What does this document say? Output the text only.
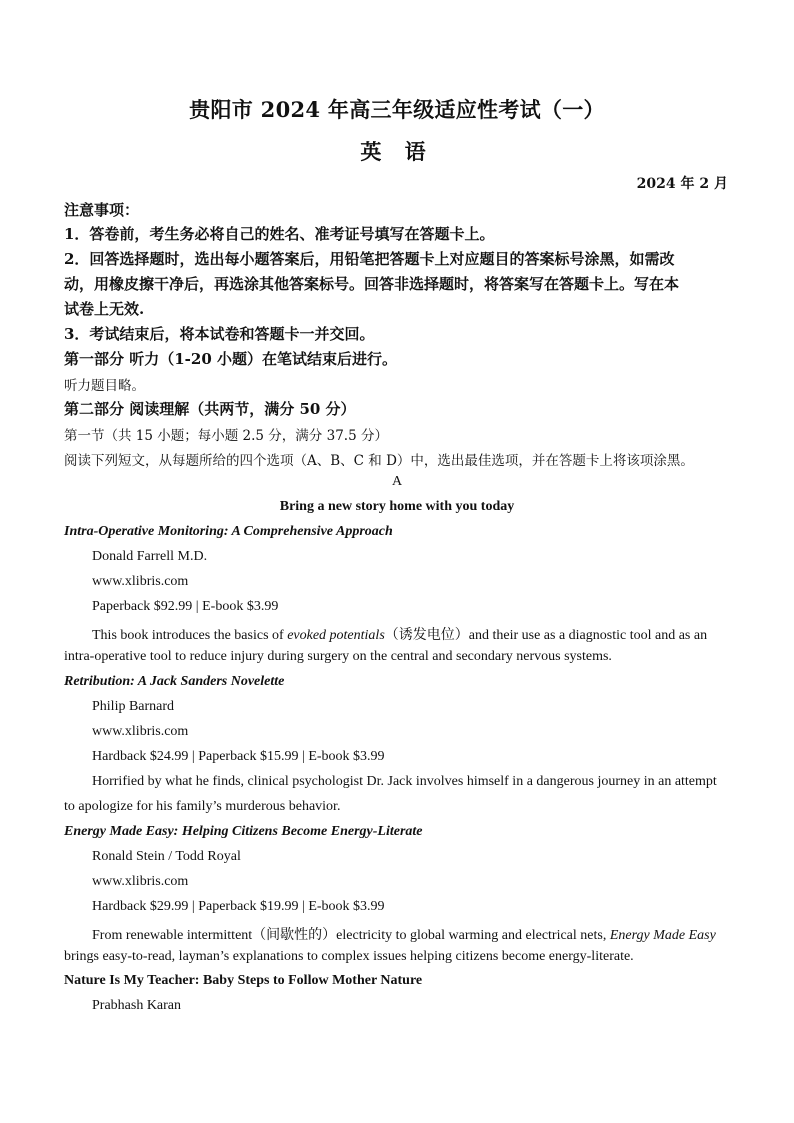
贵阳市 2024 年高三年级适应性考试（一）
英 语
2024 年 2 月
注意事项：
1．答卷前，考生务必将自己的姓名、准考证号填写在答题卡上。
2．回答选择题时，选出每小题答案后，用铅笔把答题卡上对应题目的答案标号涂黑，如需改
动，用橡皮擦干净后，再选涂其他答案标号。回答非选择题时，将答案写在答题卡上。写在本
试卷上无效.
3．考试结束后，将本试卷和答题卡一并交回。
第一部分 听力（1-20 小题）在笔试结束后进行。
听力题目略。
第二部分 阅读理解（共两节，满分 50 分）
第一节（共 15 小题；每小题 2.5 分，满分 37.5 分）
阅读下列短文，从每题所给的四个选项（A、B、C 和 D）中，选出最佳选项，并在答题卡上将该项涂黑。
A
Bring a new story home with you today
Intra-Operative Monitoring: A Comprehensive Approach
Donald Farrell M.D.
www.xlibris.com
Paperback $92.99 | E-book $3.99
This book introduces the basics of evoked potentials（诱发电位）and their use as a diagnostic tool and as an
intra-operative tool to reduce injury during surgery on the central and secondary nervous systems.
Retribution: A Jack Sanders Novelette
Philip Barnard
www.xlibris.com
Hardback $24.99 | Paperback $15.99 | E-book $3.99
Horrified by what he finds, clinical psychologist Dr. Jack involves himself in a dangerous journey in an attempt
to apologize for his family’s murderous behavior.
Energy Made Easy: Helping Citizens Become Energy-Literate
Ronald Stein / Todd Royal
www.xlibris.com
Hardback $29.99 | Paperback $19.99 | E-book $3.99
From renewable intermittent（间歇性的）electricity to global warming and electrical nets, Energy Made Easy
brings easy-to-read, layman’s explanations to complex issues helping citizens become energy-literate.
Nature Is My Teacher: Baby Steps to Follow Mother Nature
Prabhash Karan
